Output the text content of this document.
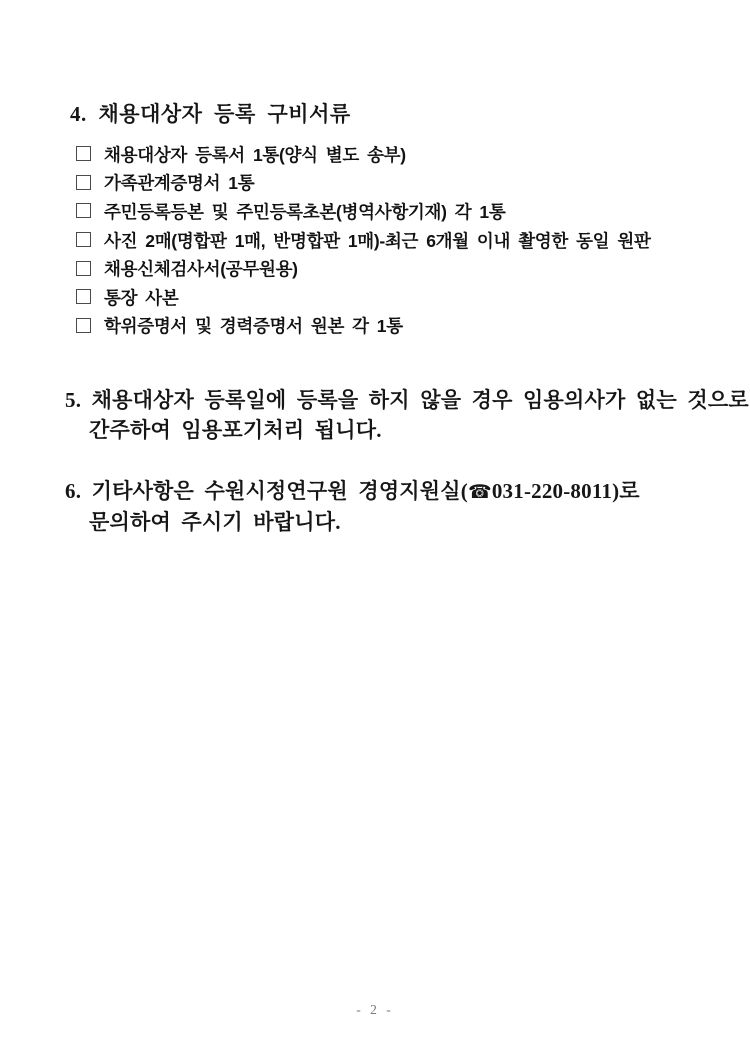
4. 채용대상자 등록 구비서류
채용대상자 등록서 1통(양식 별도 송부)
가족관계증명서 1통
주민등록등본 및 주민등록초본(병역사항기재) 각 1통
사진 2매(명합판 1매, 반명합판 1매)-최근 6개월 이내 촬영한 동일 원판
채용신체검사서(공무원용)
통장 사본
학위증명서 및 경력증명서 원본 각 1통

5. 채용대상자 등록일에 등록을 하지 않을 경우 임용의사가 없는 것으로

간주하여 임용포기처리 됩니다.

6. 기타사항은 수원시정연구원 경영지원실(☎031-220-8011)로

문의하여 주시기 바랍니다.

- 2 -
